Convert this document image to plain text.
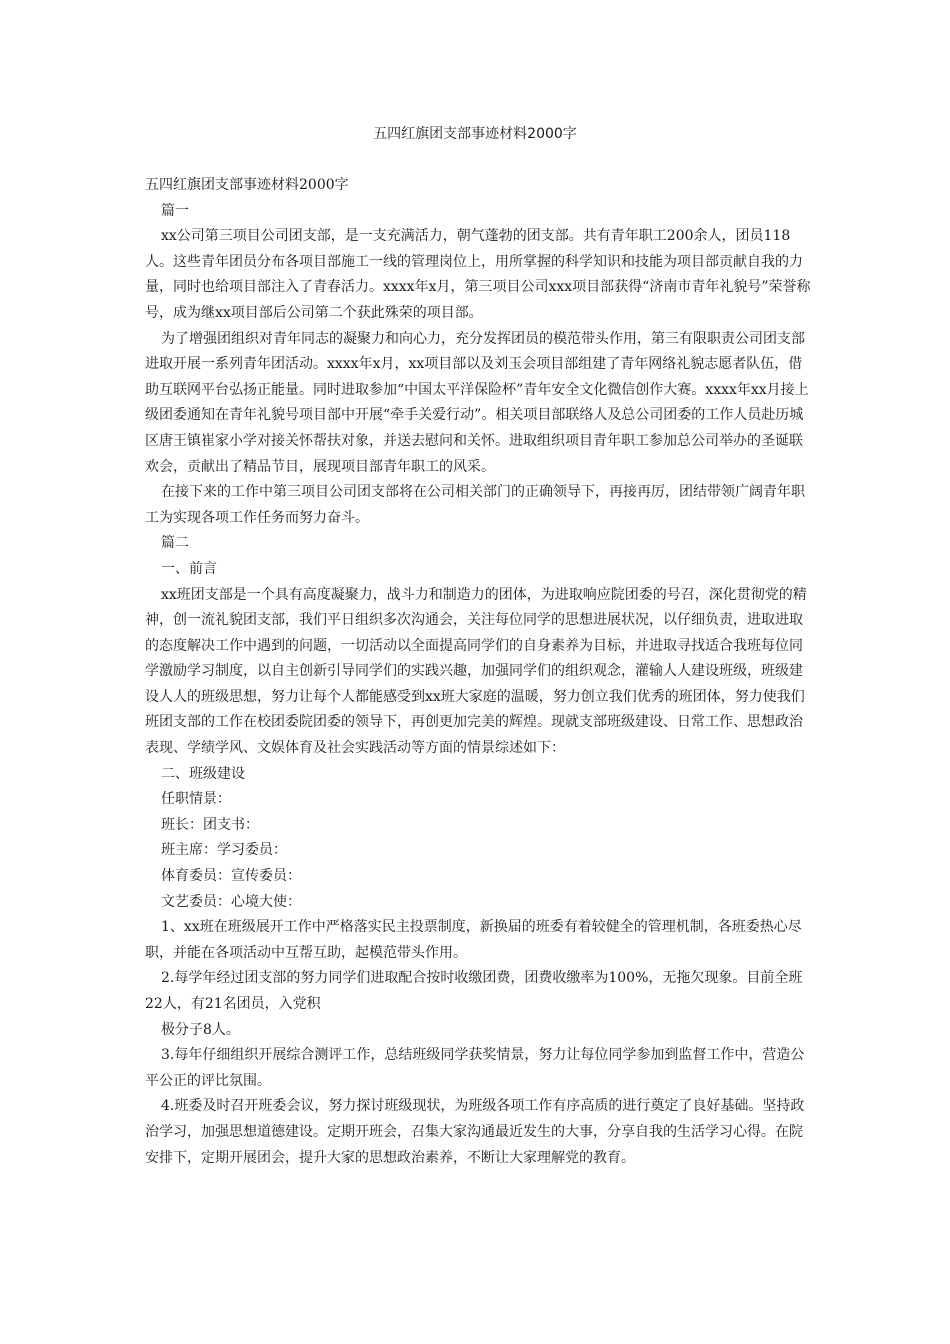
五四红旗团支部事迹材料2000字

五四红旗团支部事迹材料2000字

篇一

xx公司第三项目公司团支部，是一支充满活力，朝气蓬勃的团支部。共有青年职工200余人，团员118人。这些青年团员分布各项目部施工一线的管理岗位上，用所掌握的科学知识和技能为项目部贡献自我的力量，同时也给项目部注入了青春活力。xxxx年x月，第三项目公司xxx项目部获得“济南市青年礼貌号”荣誉称号，成为继xx项目部后公司第二个获此殊荣的项目部。

为了增强团组织对青年同志的凝聚力和向心力，充分发挥团员的模范带头作用，第三有限职责公司团支部进取开展一系列青年团活动。xxxx年x月，xx项目部以及刘玉会项目部组建了青年网络礼貌志愿者队伍，借助互联网平台弘扬正能量。同时进取参加“中国太平洋保险杯”青年安全文化微信创作大赛。xxxx年xx月接上级团委通知在青年礼貌号项目部中开展“牵手关爱行动”。相关项目部联络人及总公司团委的工作人员赴历城区唐王镇崔家小学对接关怀帮扶对象，并送去慰问和关怀。进取组织项目青年职工参加总公司举办的圣诞联欢会，贡献出了精品节目，展现项目部青年职工的风采。

在接下来的工作中第三项目公司团支部将在公司相关部门的正确领导下，再接再厉，团结带领广阔青年职工为实现各项工作任务而努力奋斗。

篇二

一、前言

xx班团支部是一个具有高度凝聚力，战斗力和制造力的团体，为进取响应院团委的号召，深化贯彻党的精神，创一流礼貌团支部，我们平日组织多次沟通会，关注每位同学的思想进展状况，以仔细负责，进取进取的态度解决工作中遇到的问题，一切活动以全面提高同学们的自身素养为目标，并进取寻找适合我班每位同学激励学习制度，以自主创新引导同学们的实践兴趣，加强同学们的组织观念，灌输人人建设班级，班级建设人人的班级思想，努力让每个人都能感受到xx班大家庭的温暖，努力创立我们优秀的班团体，努力使我们班团支部的工作在校团委院团委的领导下，再创更加完美的辉煌。现就支部班级建设、日常工作、思想政治表现、学绩学风、文娱体育及社会实践活动等方面的情景综述如下：

二、班级建设

任职情景：

班长：团支书：

班主席：学习委员：

体育委员：宣传委员：

文艺委员：心境大使：

1、xx班在班级展开工作中严格落实民主投票制度，新换届的班委有着较健全的管理机制，各班委热心尽职，并能在各项活动中互帮互助，起模范带头作用。

2.每学年经过团支部的努力同学们进取配合按时收缴团费，团费收缴率为100%，无拖欠现象。目前全班22人，有21名团员，入党积

极分子8人。

3.每年仔细组织开展综合测评工作，总结班级同学获奖情景，努力让每位同学参加到监督工作中，营造公平公正的评比氛围。

4.班委及时召开班委会议，努力探讨班级现状，为班级各项工作有序高质的进行奠定了良好基础。坚持政治学习，加强思想道德建设。定期开班会，召集大家沟通最近发生的大事，分享自我的生活学习心得。在院安排下，定期开展团会，提升大家的思想政治素养，不断让大家理解党的教育。
